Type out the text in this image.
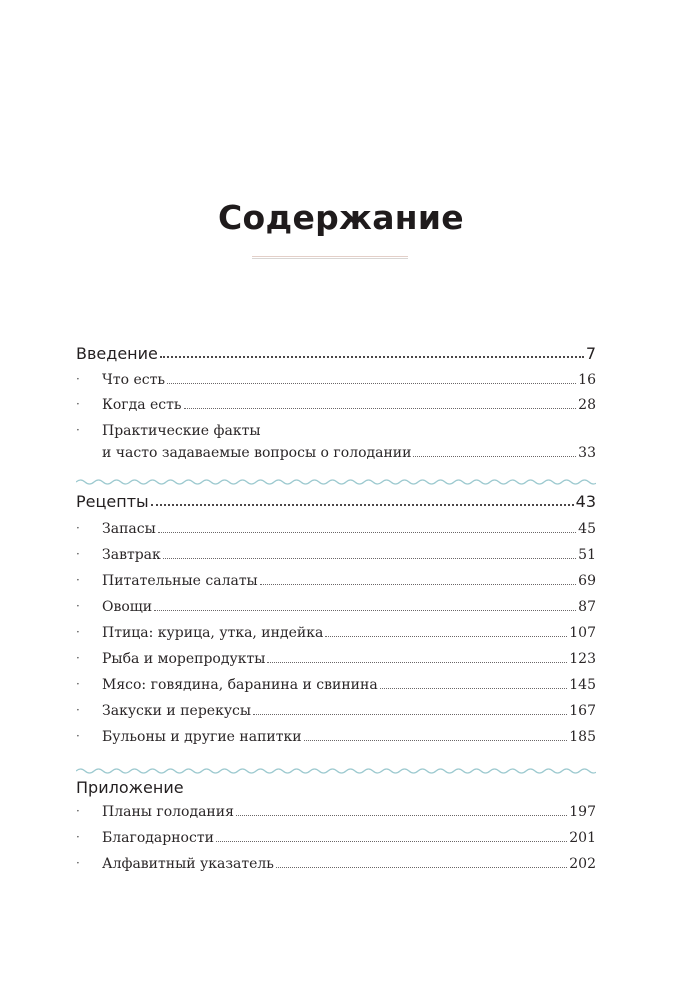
Содержание
Введение	7
·	Что есть	16
·	Когда есть	28
·	Практические факты
и часто задаваемые вопросы о голодании	33
Рецепты	43
·	Запасы	45
·	Завтрак	51
·	Питательные салаты	69
·	Овощи	87
·	Птица: курица, утка, индейка	107
·	Рыба и морепродукты	123
·	Мясо: говядина, баранина и свинина	145
·	Закуски и перекусы	167
·	Бульоны и другие напитки	185
Приложение
·	Планы голодания	197
·	Благодарности	201
·	Алфавитный указатель	202
